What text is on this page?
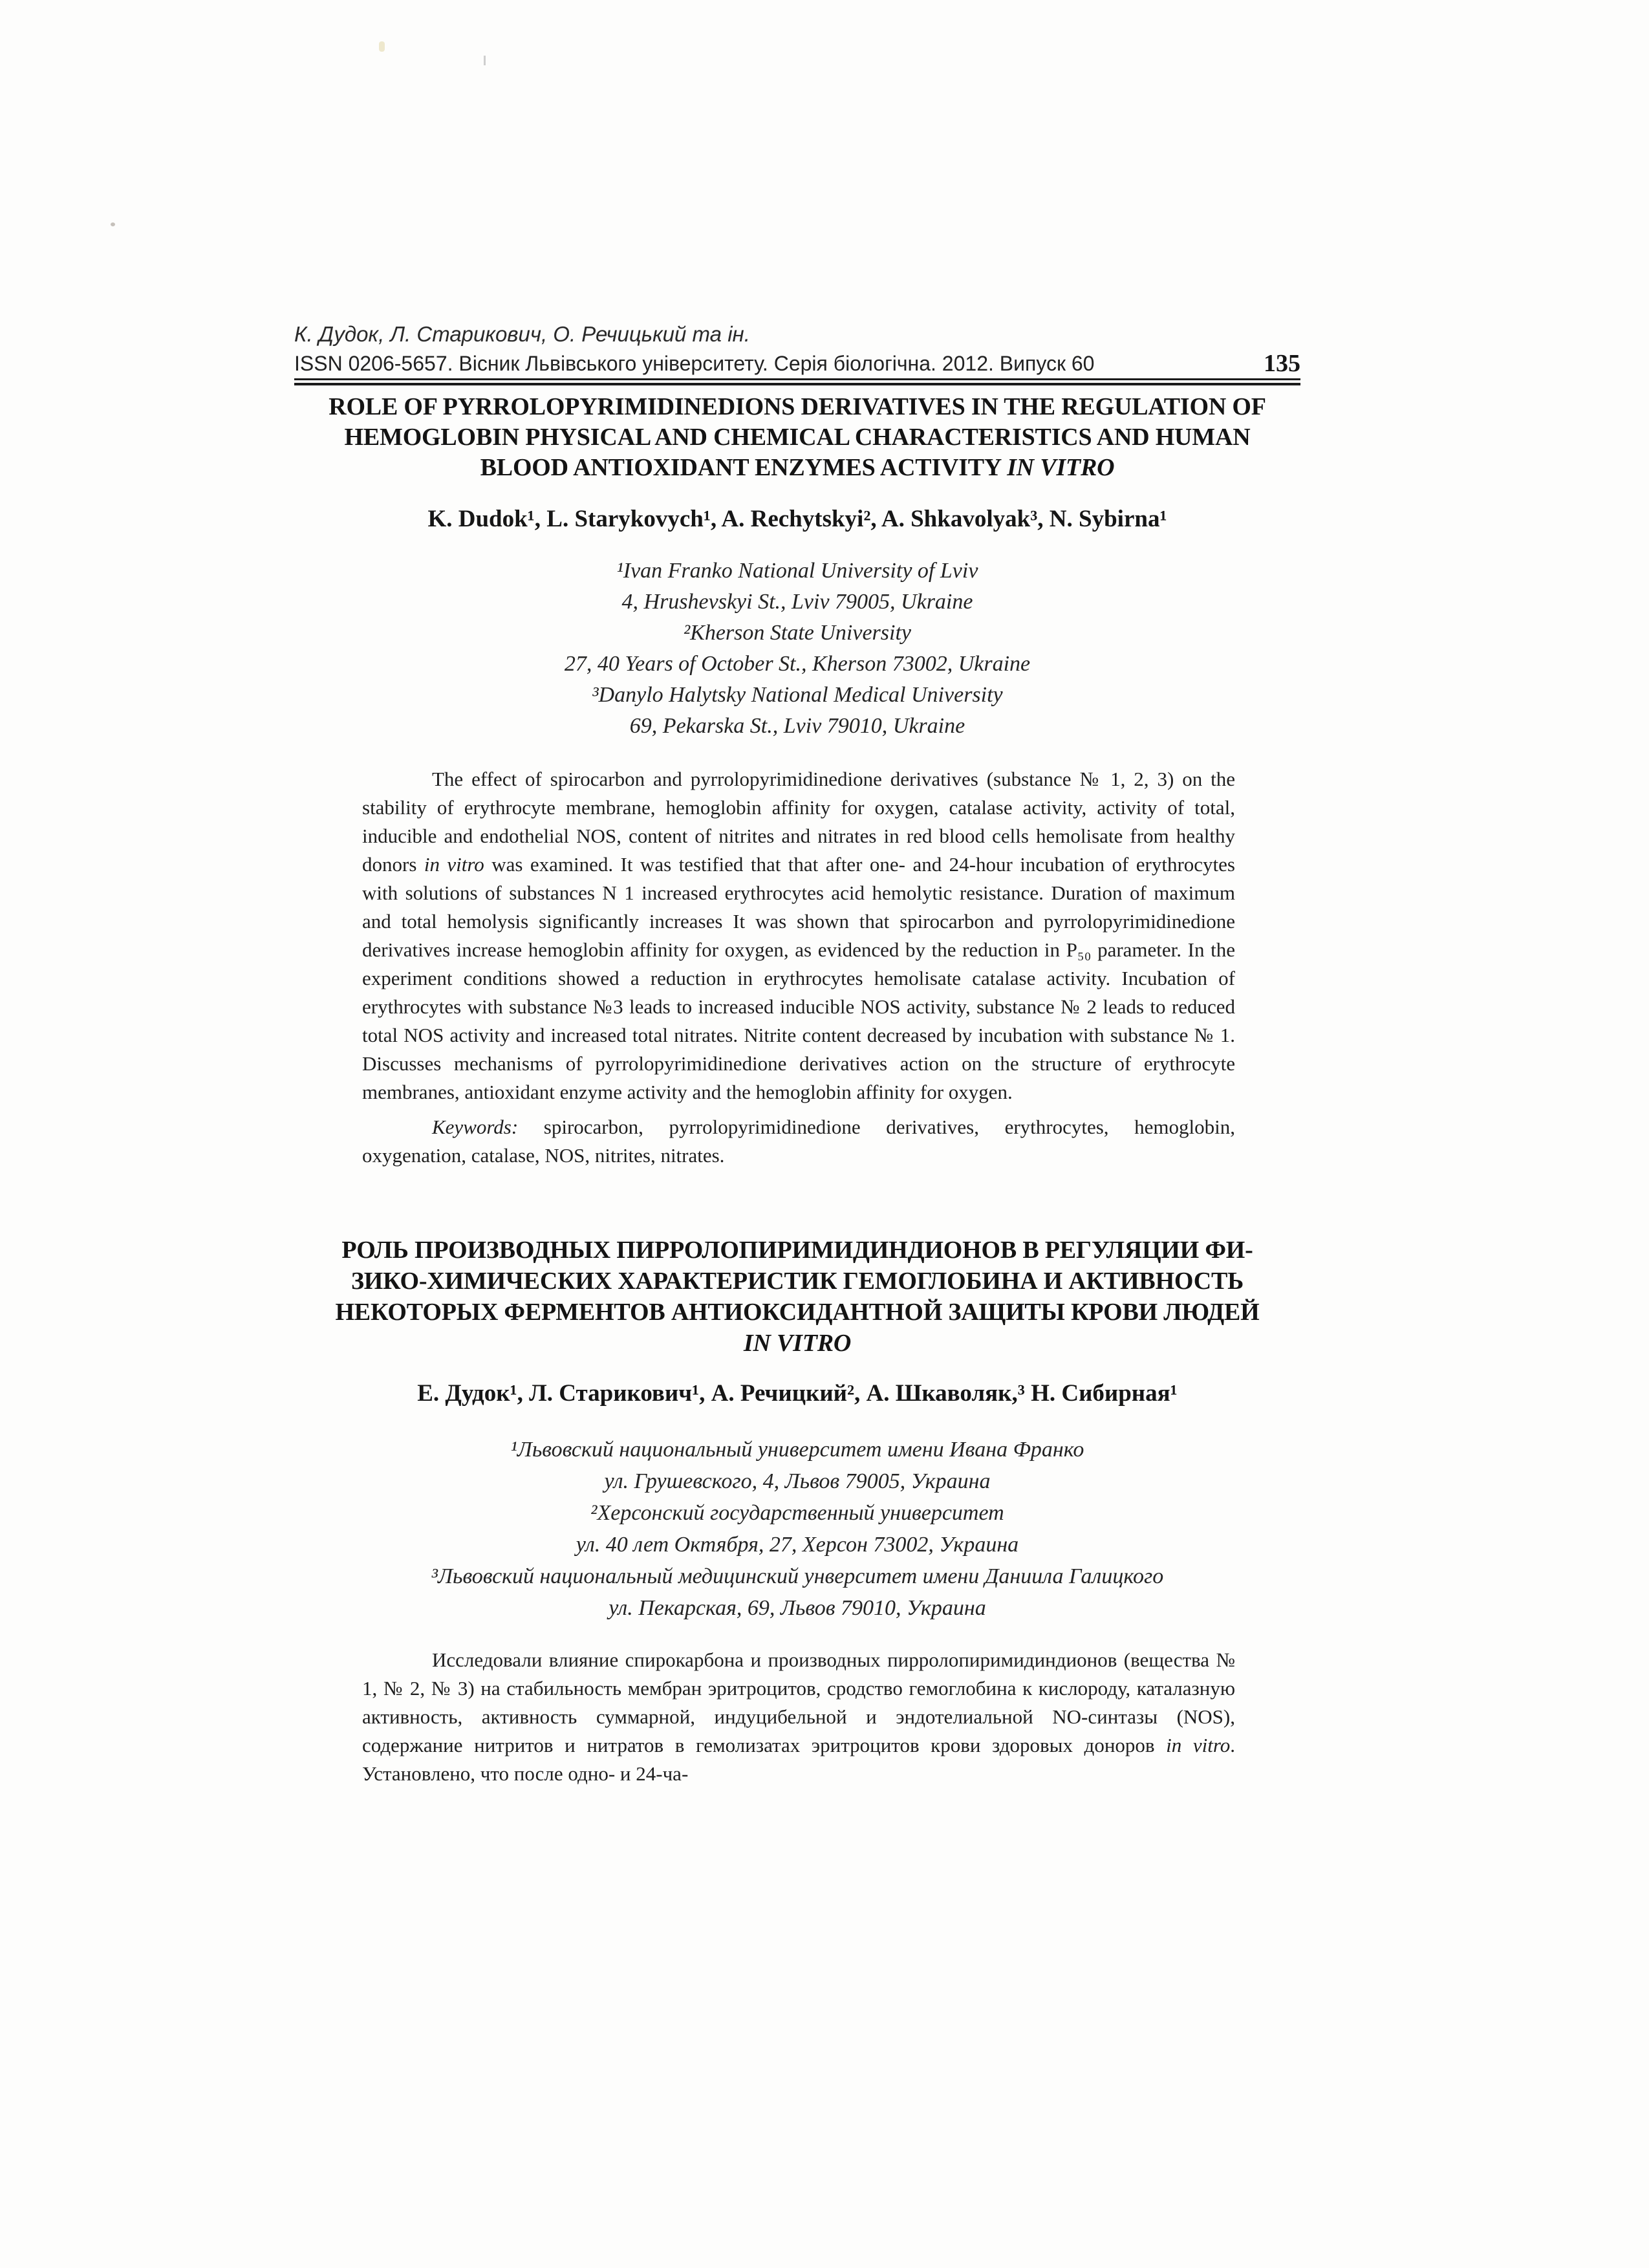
К. Дудок, Л. Старикович, О. Речицький та ін.
ISSN 0206-5657. Вісник Львівського університету. Серія біологічна. 2012. Випуск 60	135
ROLE OF PYRROLOPYRIMIDINEDIONS DERIVATIVES IN THE REGULATION OF
HEMOGLOBIN PHYSICAL AND CHEMICAL CHARACTERISTICS AND HUMAN
BLOOD ANTIOXIDANT ENZYMES ACTIVITY IN VITRO
K. Dudok¹, L. Starykovych¹, A. Rechytskyi², A. Shkavolyak³, N. Sybirna¹
¹Ivan Franko National University of Lviv
4, Hrushevskyi St., Lviv 79005, Ukraine
²Kherson State University
27, 40 Years of October St., Kherson 73002, Ukraine
³Danylo Halytsky National Medical University
69, Pekarska St., Lviv 79010, Ukraine
The effect of spirocarbon and pyrrolopyrimidinedione derivatives (substance № 1, 2, 3) on the stability of erythrocyte membrane, hemoglobin affinity for oxygen, catalase activity, activity of total, inducible and endothelial NOS, content of nitrites and nitrates in red blood cells hemolisate from healthy donors in vitro was examined. It was testified that that after one- and 24-hour incubation of erythrocytes with solutions of substances N 1 increased erythrocytes acid hemolytic resistance. Duration of maximum and total hemolysis significantly increases It was shown that spirocarbon and pyrrolopyrimidinedione derivatives increase hemoglobin affinity for oxygen, as evidenced by the reduction in P₅₀ parameter. In the experiment conditions showed a reduction in erythrocytes hemolisate catalase activity. Incubation of erythrocytes with substance №3 leads to increased inducible NOS activity, substance № 2 leads to reduced total NOS activity and increased total nitrates. Nitrite content decreased by incubation with substance № 1. Discusses mechanisms of pyrrolopyrimidinedione derivatives action on the structure of erythrocyte membranes, antioxidant enzyme activity and the hemoglobin affinity for oxygen.
Keywords: spirocarbon, pyrrolopyrimidinedione derivatives, erythrocytes, hemoglobin, oxygenation, catalase, NOS, nitrites, nitrates.
РОЛЬ ПРОИЗВОДНЫХ ПИРРОЛОПИРИМИДИНДИОНОВ В РЕГУЛЯЦИИ ФИ-
ЗИКО-ХИМИЧЕСКИХ ХАРАКТЕРИСТИК ГЕМОГЛОБИНА И АКТИВНОСТЬ
НЕКОТОРЫХ ФЕРМЕНТОВ АНТИОКСИДАНТНОЙ ЗАЩИТЫ КРОВИ ЛЮДЕЙ
IN VITRO
Е. Дудок¹, Л. Старикович¹, А. Речицкий², А. Шкаволяк,³ Н. Сибирная¹
¹Львовский национальный университет имени Ивана Франко
ул. Грушевского, 4, Львов 79005, Украина
²Херсонский государственный университет
ул. 40 лет Октября, 27, Херсон 73002, Украина
³Львовский национальный медицинский унверситет имени Даниила Галицкого
ул. Пекарская, 69, Львов 79010, Украина
Исследовали влияние спирокарбона и производных пирролопиримидиндионов (вещества № 1, № 2, № 3) на стабильность мембран эритроцитов, сродство гемоглобина к кислороду, каталазную активность, активность суммарной, индуцибельной и эндотелиальной NO-синтазы (NOS), содержание нитритов и нитратов в гемолизатах эритроцитов крови здоровых доноров in vitro. Установлено, что после одно- и 24-ча-
